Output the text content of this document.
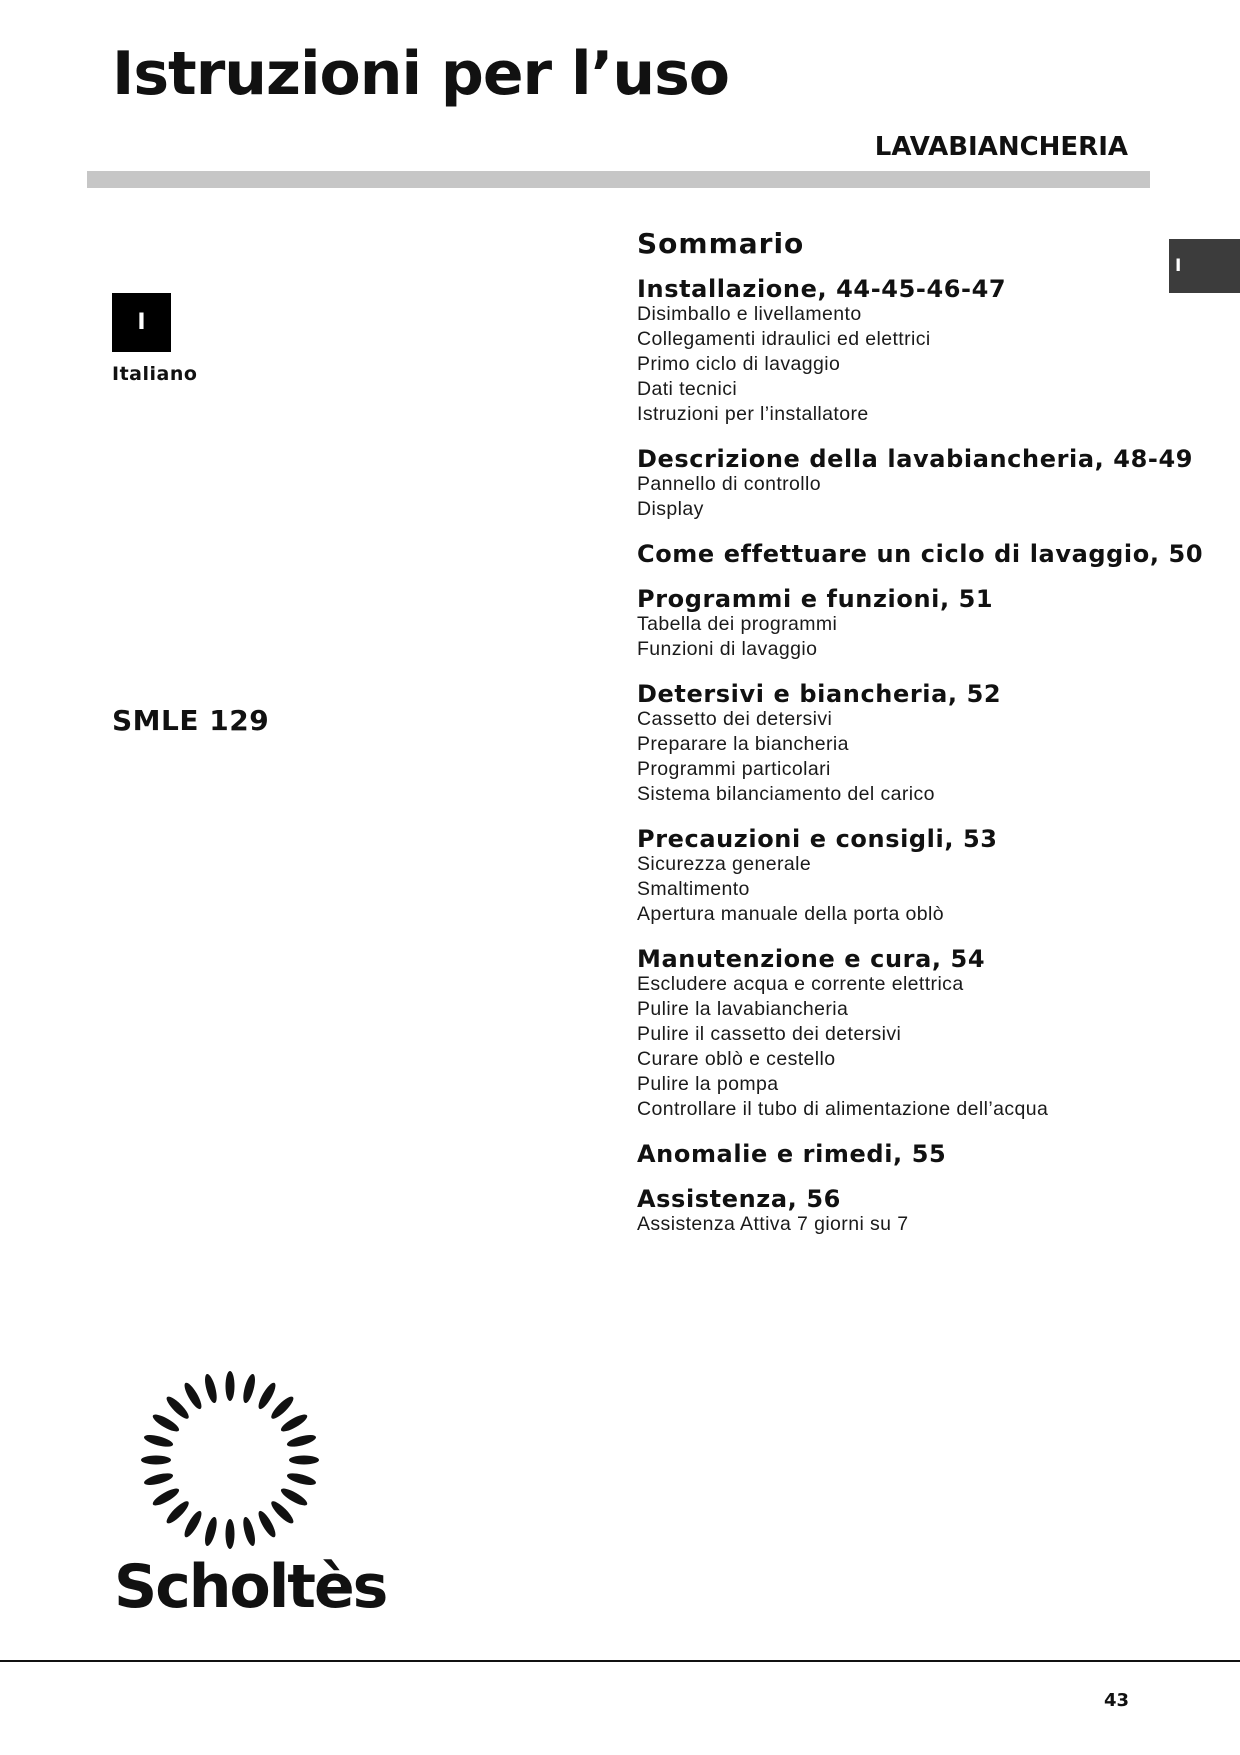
Istruzioni per l’uso
LAVABIANCHERIA
I
I
Italiano
SMLE 129
Sommario
Installazione, 44-45-46-47
Disimballo e livellamento
Collegamenti idraulici ed elettrici
Primo ciclo di lavaggio
Dati tecnici
Istruzioni per l’installatore
Descrizione della lavabiancheria, 48-49
Pannello di controllo
Display
Come effettuare un ciclo di lavaggio, 50
Programmi e funzioni, 51
Tabella dei programmi
Funzioni di lavaggio
Detersivi e biancheria, 52
Cassetto dei detersivi
Preparare la biancheria
Programmi particolari
Sistema bilanciamento del carico
Precauzioni e consigli, 53
Sicurezza generale
Smaltimento
Apertura manuale della porta oblò
Manutenzione e cura, 54
Escludere acqua e corrente elettrica
Pulire la lavabiancheria
Pulire il cassetto dei detersivi
Curare oblò e cestello
Pulire la pompa
Controllare il tubo di alimentazione dell’acqua
Anomalie e rimedi, 55
Assistenza, 56
Assistenza Attiva 7 giorni su 7
Scholtès
43
